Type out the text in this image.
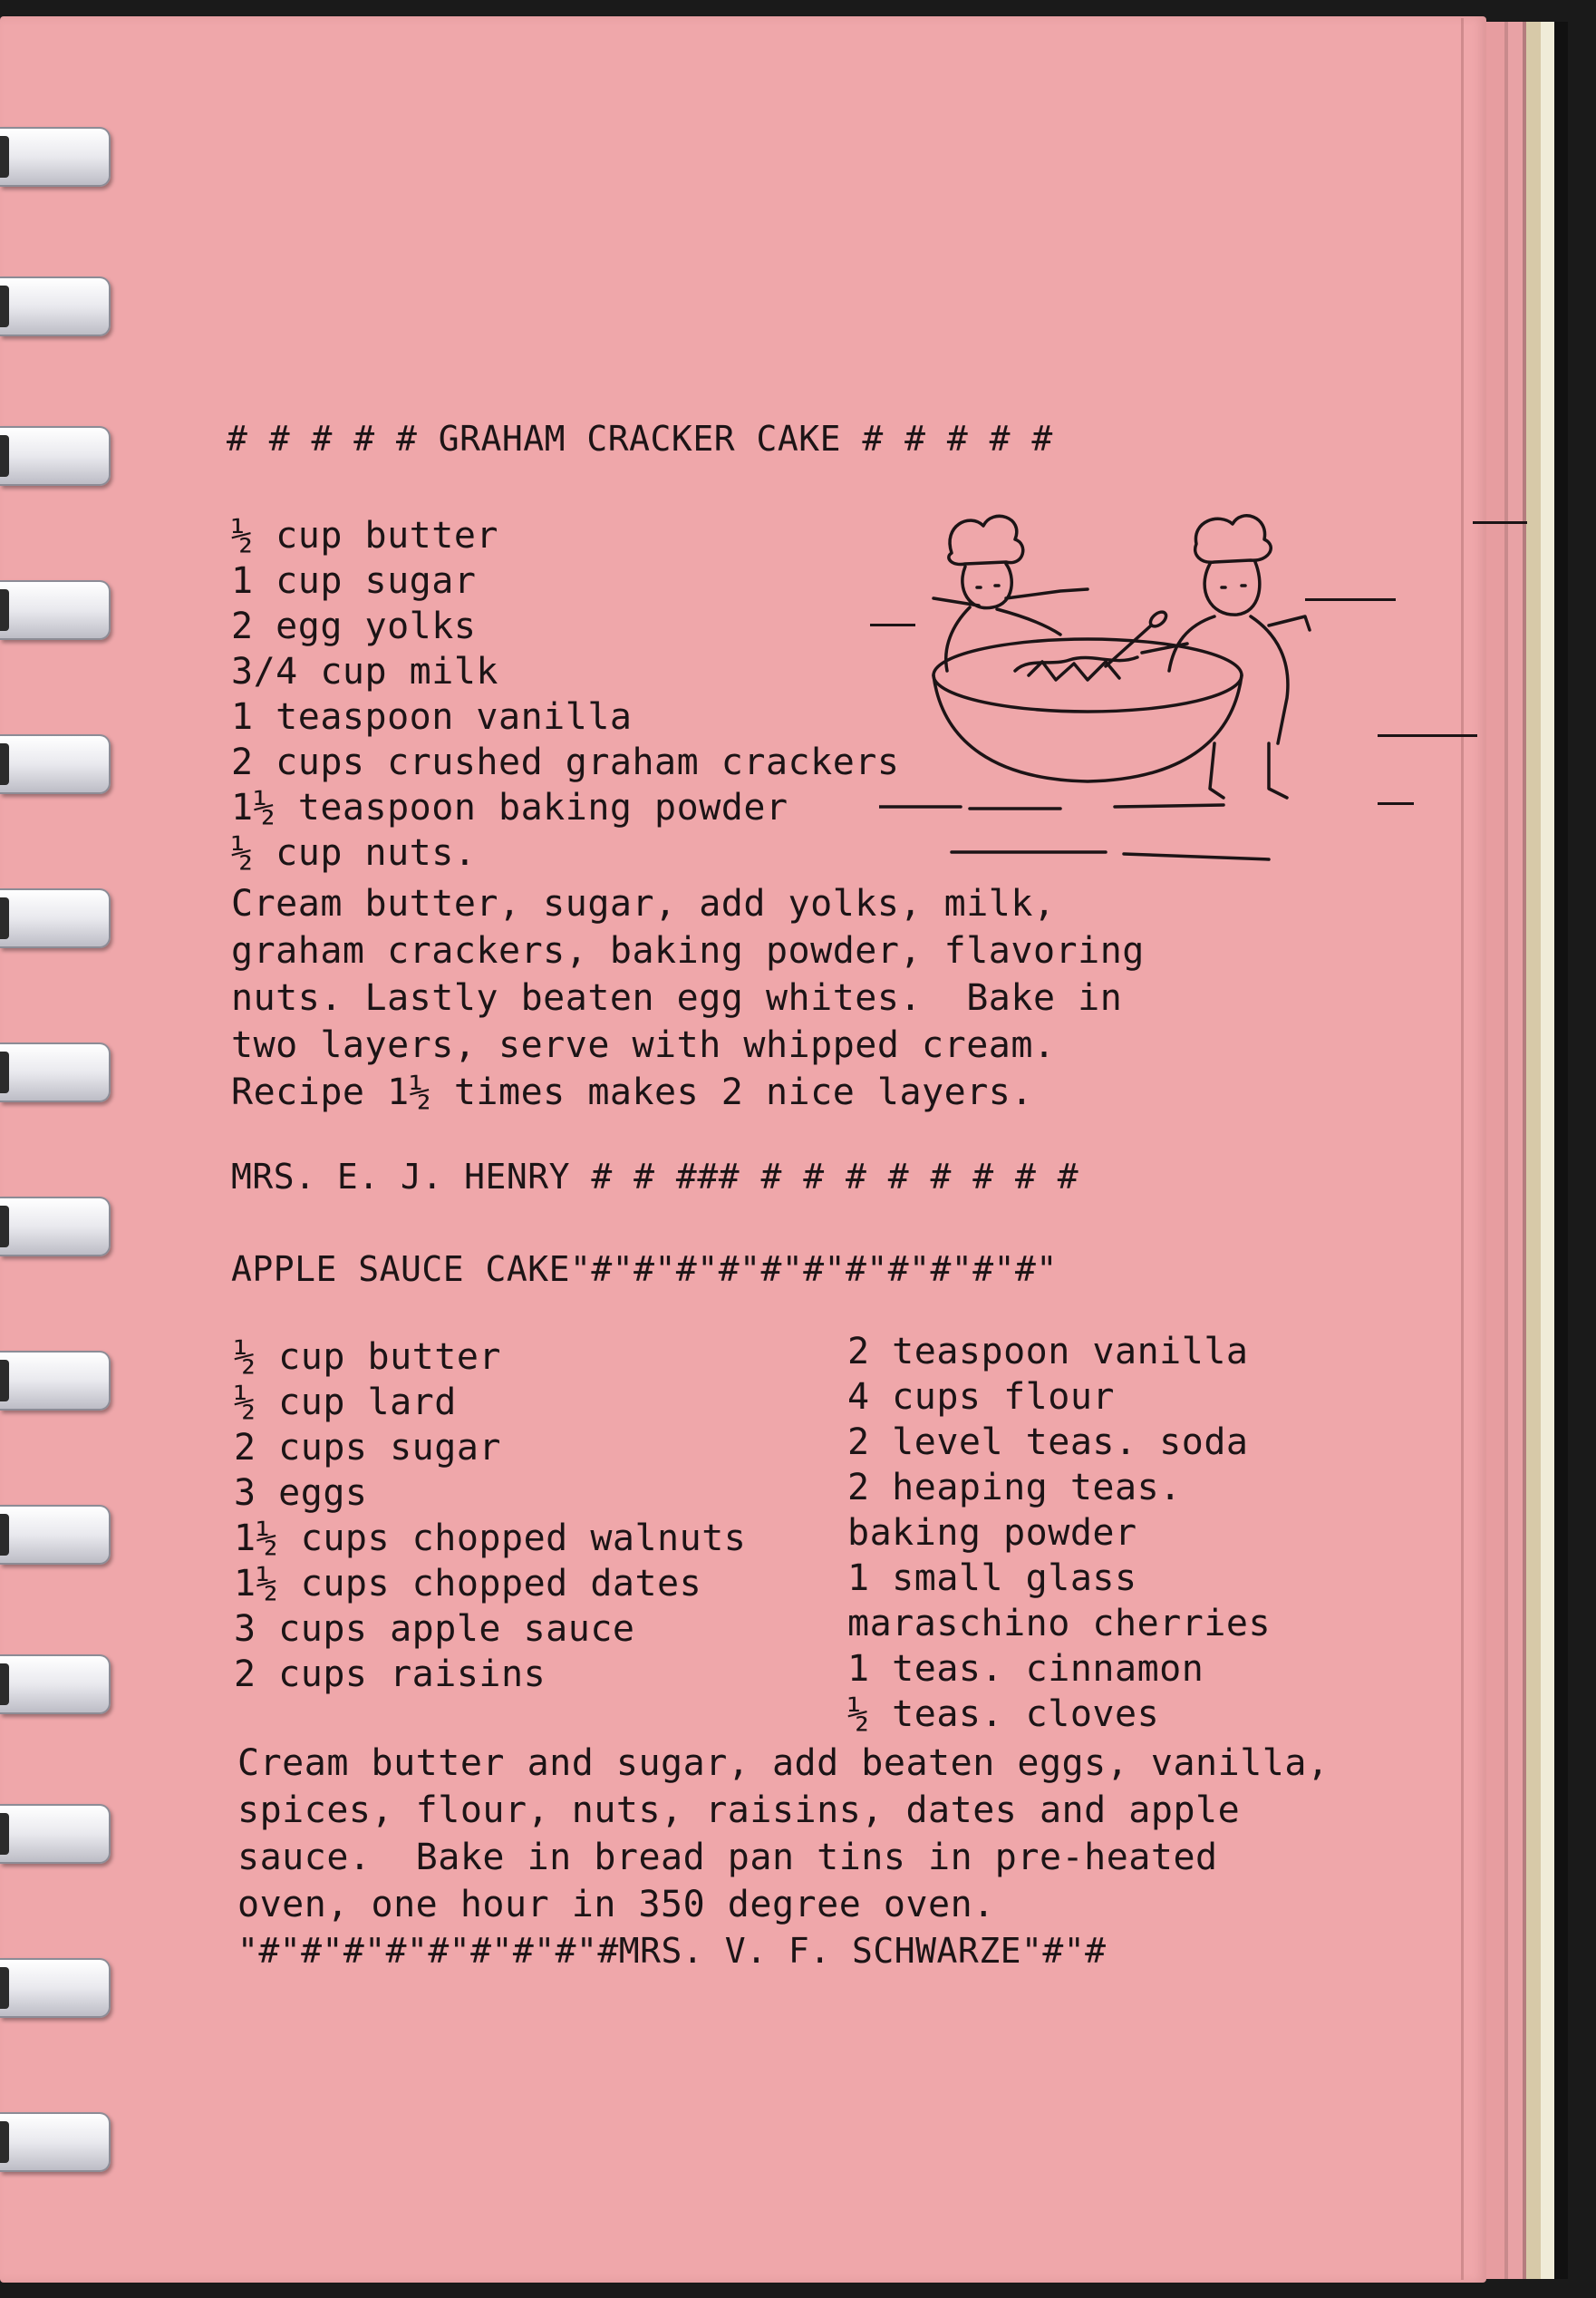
# # # # # GRAHAM CRACKER CAKE # # # # #

½ cup butter

1 cup sugar

2 egg yolks

3/4 cup milk

1 teaspoon vanilla

2 cups crushed graham crackers

1½ teaspoon baking powder

½ cup nuts.

Cream butter, sugar, add yolks, milk,

graham crackers, baking powder, flavoring

nuts. Lastly beaten egg whites.  Bake in

two layers, serve with whipped cream.

Recipe 1½ times makes 2 nice layers.

MRS. E. J. HENRY # # ### # # # # # # # #

APPLE SAUCE CAKE"#"#"#"#"#"#"#"#"#"#"#"

½ cup butter

½ cup lard

2 cups sugar

3 eggs

1½ cups chopped walnuts

1½ cups chopped dates

3 cups apple sauce

2 cups raisins

2 teaspoon vanilla

4 cups flour

2 level teas. soda

2 heaping teas.

baking powder

1 small glass

maraschino cherries

1 teas. cinnamon

½ teas. cloves

Cream butter and sugar, add beaten eggs, vanilla,

spices, flour, nuts, raisins, dates and apple

sauce.  Bake in bread pan tins in pre-heated

oven, one hour in 350 degree oven.

"#"#"#"#"#"#"#"#"#MRS. V. F. SCHWARZE"#"#
